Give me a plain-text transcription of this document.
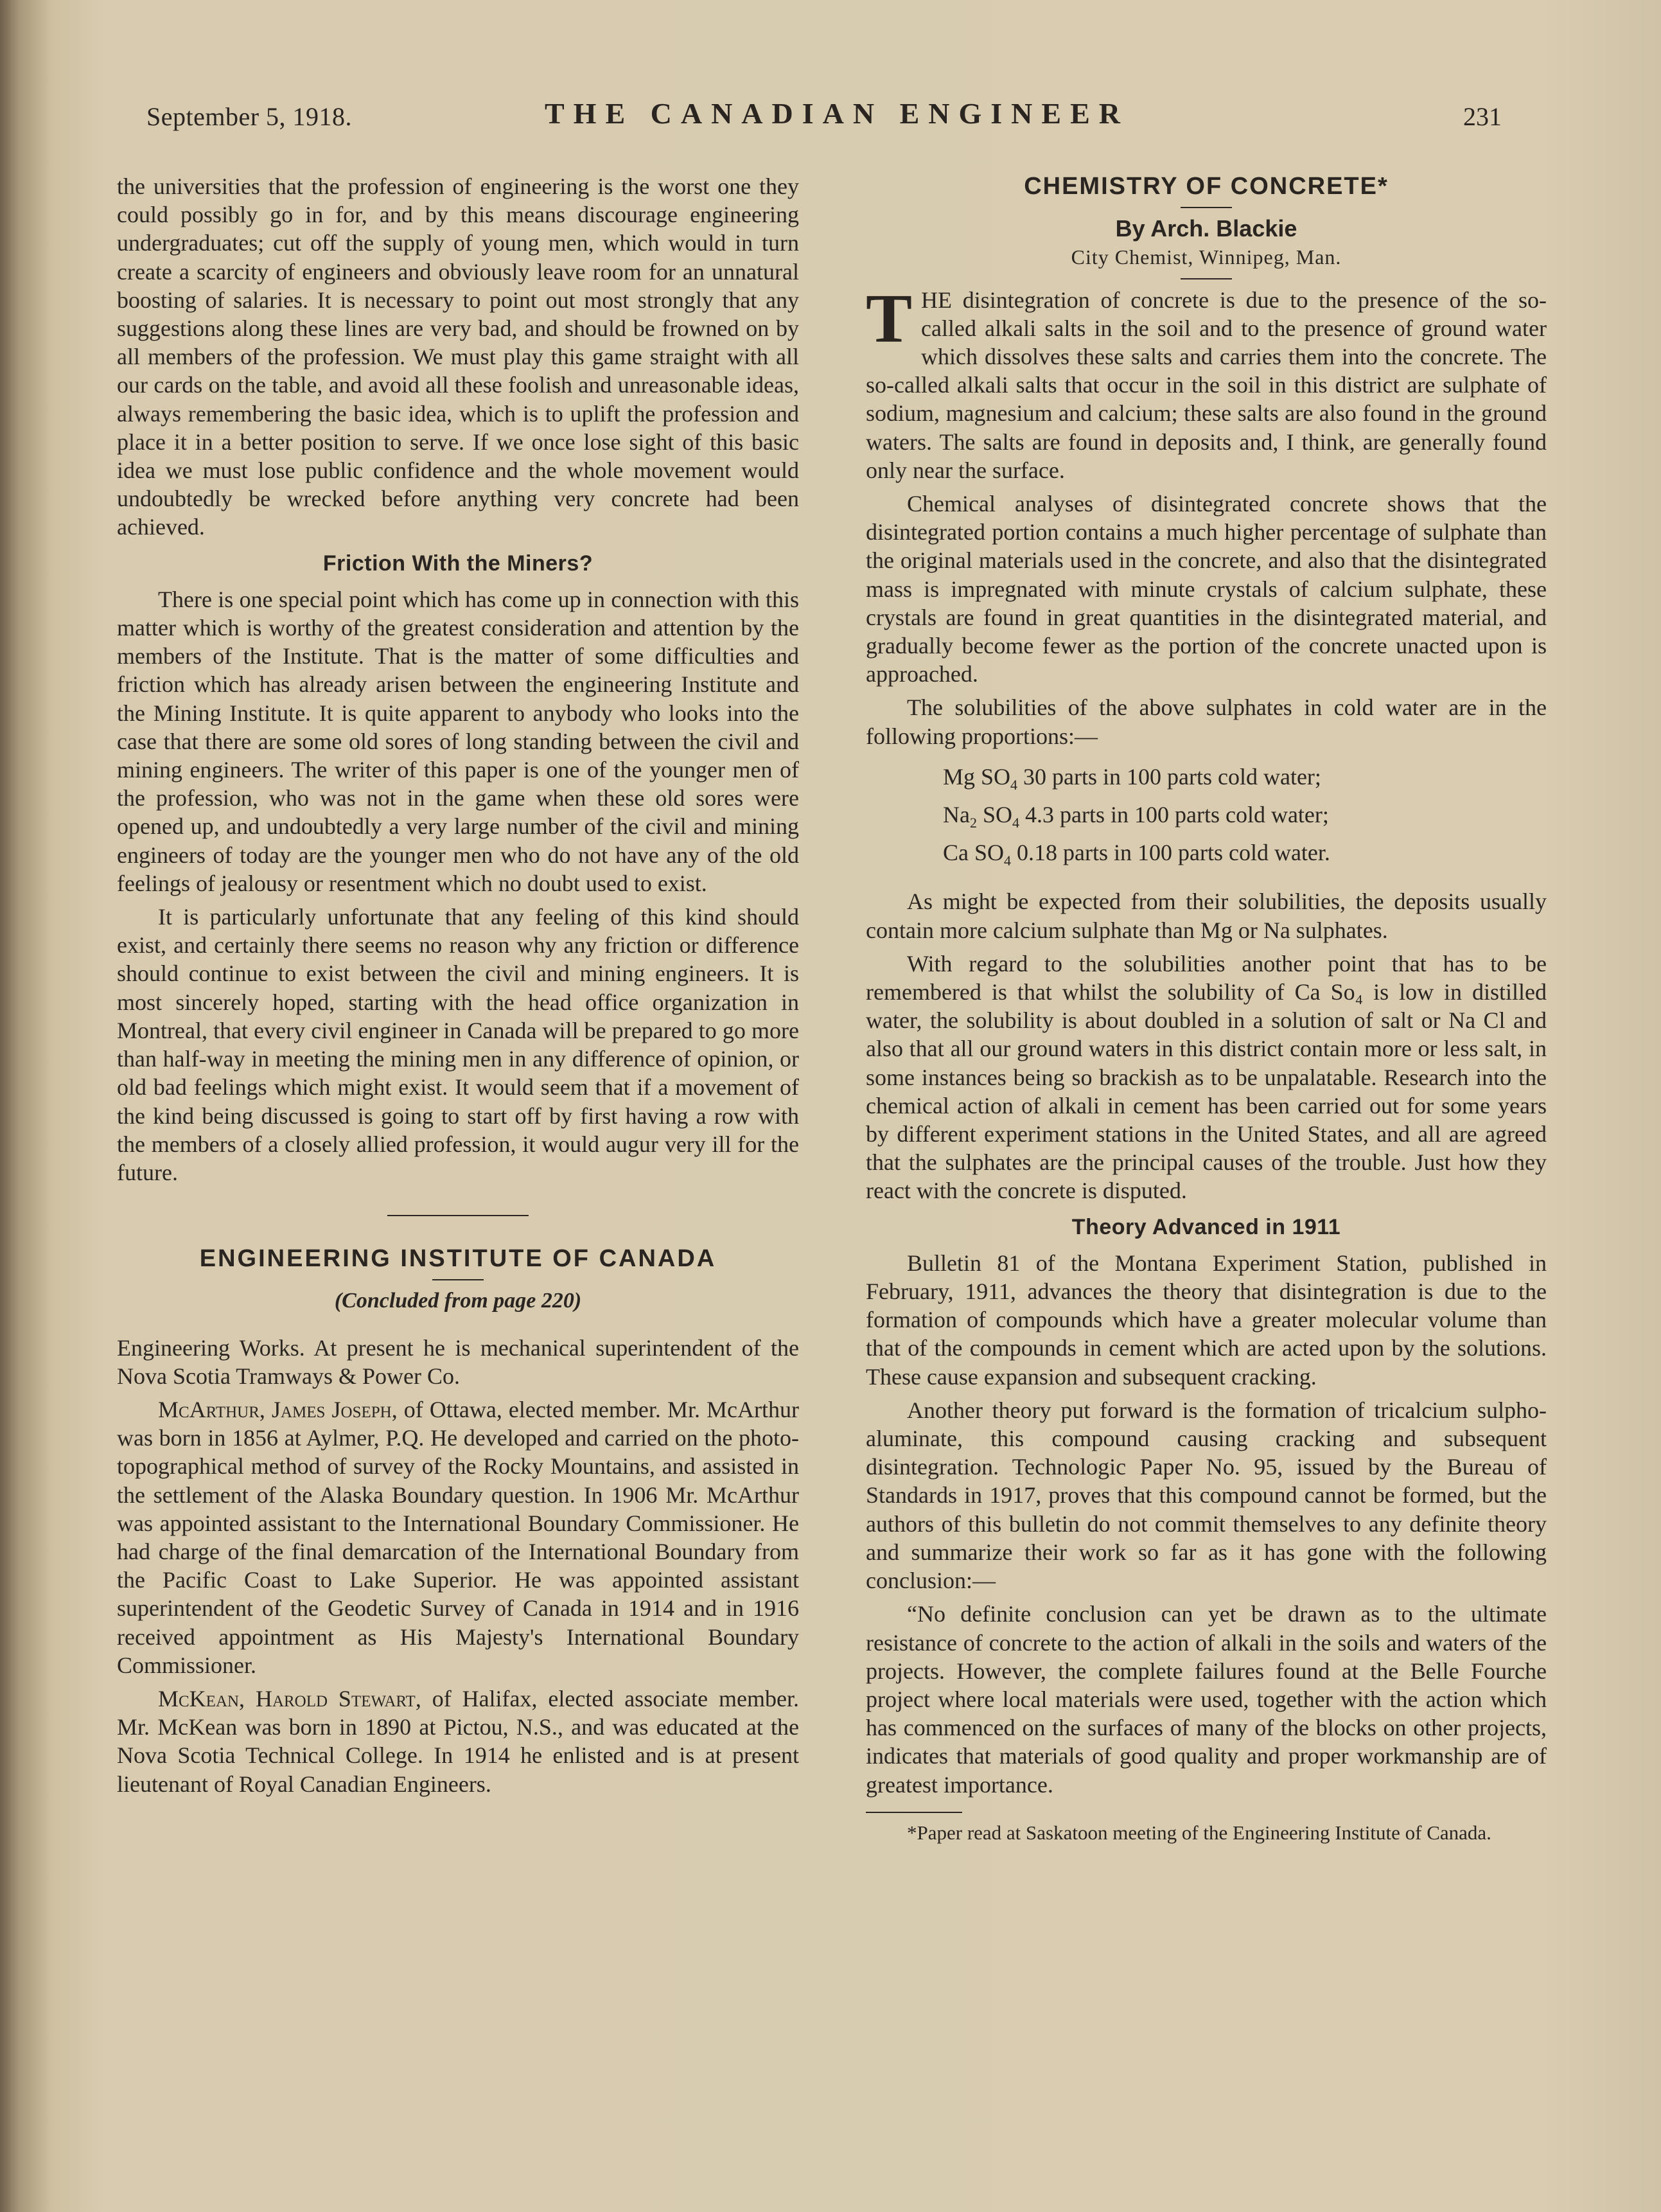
September 5, 1918.	THE CANADIAN ENGINEER	231

the universities that the profession of engineering is the worst one they could possibly go in for, and by this means discourage engineering undergraduates; cut off the supply of young men, which would in turn create a scarcity of engineers and obviously leave room for an unnatural boosting of salaries. It is necessary to point out most strongly that any suggestions along these lines are very bad, and should be frowned on by all members of the profession. We must play this game straight with all our cards on the table, and avoid all these foolish and unreasonable ideas, always remembering the basic idea, which is to uplift the profession and place it in a better position to serve. If we once lose sight of this basic idea we must lose public confidence and the whole movement would undoubtedly be wrecked before anything very concrete had been achieved.

Friction With the Miners?

There is one special point which has come up in connection with this matter which is worthy of the greatest consideration and attention by the members of the Institute. That is the matter of some difficulties and friction which has already arisen between the engineering Institute and the Mining Institute. It is quite apparent to anybody who looks into the case that there are some old sores of long standing between the civil and mining engineers. The writer of this paper is one of the younger men of the profession, who was not in the game when these old sores were opened up, and undoubtedly a very large number of the civil and mining engineers of today are the younger men who do not have any of the old feelings of jealousy or resentment which no doubt used to exist.

It is particularly unfortunate that any feeling of this kind should exist, and certainly there seems no reason why any friction or difference should continue to exist between the civil and mining engineers. It is most sincerely hoped, starting with the head office organization in Montreal, that every civil engineer in Canada will be prepared to go more than half-way in meeting the mining men in any difference of opinion, or old bad feelings which might exist. It would seem that if a movement of the kind being discussed is going to start off by first having a row with the members of a closely allied profession, it would augur very ill for the future.

ENGINEERING INSTITUTE OF CANADA
(Concluded from page 220)

Engineering Works. At present he is mechanical superintendent of the Nova Scotia Tramways & Power Co.

McArthur, James Joseph, of Ottawa, elected member. Mr. McArthur was born in 1856 at Aylmer, P.Q. He developed and carried on the photo-topographical method of survey of the Rocky Mountains, and assisted in the settlement of the Alaska Boundary question. In 1906 Mr. McArthur was appointed assistant to the International Boundary Commissioner. He had charge of the final demarcation of the International Boundary from the Pacific Coast to Lake Superior. He was appointed assistant superintendent of the Geodetic Survey of Canada in 1914 and in 1916 received appointment as His Majesty's International Boundary Commissioner.

McKean, Harold Stewart, of Halifax, elected associate member. Mr. McKean was born in 1890 at Pictou, N.S., and was educated at the Nova Scotia Technical College. In 1914 he enlisted and is at present lieutenant of Royal Canadian Engineers.

CHEMISTRY OF CONCRETE*
By Arch. Blackie
City Chemist, Winnipeg, Man.

THE disintegration of concrete is due to the presence of the so-called alkali salts in the soil and to the presence of ground water which dissolves these salts and carries them into the concrete. The so-called alkali salts that occur in the soil in this district are sulphate of sodium, magnesium and calcium; these salts are also found in the ground waters. The salts are found in deposits and, I think, are generally found only near the surface.

Chemical analyses of disintegrated concrete shows that the disintegrated portion contains a much higher percentage of sulphate than the original materials used in the concrete, and also that the disintegrated mass is impregnated with minute crystals of calcium sulphate, these crystals are found in great quantities in the disintegrated material, and gradually become fewer as the portion of the concrete unacted upon is approached.

The solubilities of the above sulphates in cold water are in the following proportions:—

Mg $SO_4$ 30 parts in 100 parts cold water;
$Na_2$ $SO_4$ 4.3 parts in 100 parts cold water;
Ca $SO_4$ 0.18 parts in 100 parts cold water.

As might be expected from their solubilities, the deposits usually contain more calcium sulphate than Mg or Na sulphates.

With regard to the solubilities another point that has to be remembered is that whilst the solubility of Ca So₄ is low in distilled water, the solubility is about doubled in a solution of salt or Na Cl and also that all our ground waters in this district contain more or less salt, in some instances being so brackish as to be unpalatable. Research into the chemical action of alkali in cement has been carried out for some years by different experiment stations in the United States, and all are agreed that the sulphates are the principal causes of the trouble. Just how they react with the concrete is disputed.

Theory Advanced in 1911

Bulletin 81 of the Montana Experiment Station, published in February, 1911, advances the theory that disintegration is due to the formation of compounds which have a greater molecular volume than that of the compounds in cement which are acted upon by the solutions. These cause expansion and subsequent cracking.

Another theory put forward is the formation of tricalcium sulpho-aluminate, this compound causing cracking and subsequent disintegration. Technologic Paper No. 95, issued by the Bureau of Standards in 1917, proves that this compound cannot be formed, but the authors of this bulletin do not commit themselves to any definite theory and summarize their work so far as it has gone with the following conclusion:—

“No definite conclusion can yet be drawn as to the ultimate resistance of concrete to the action of alkali in the soils and waters of the projects. However, the complete failures found at the Belle Fourche project where local materials were used, together with the action which has commenced on the surfaces of many of the blocks on other projects, indicates that materials of good quality and proper workmanship are of greatest importance.

*Paper read at Saskatoon meeting of the Engineering Institute of Canada.
